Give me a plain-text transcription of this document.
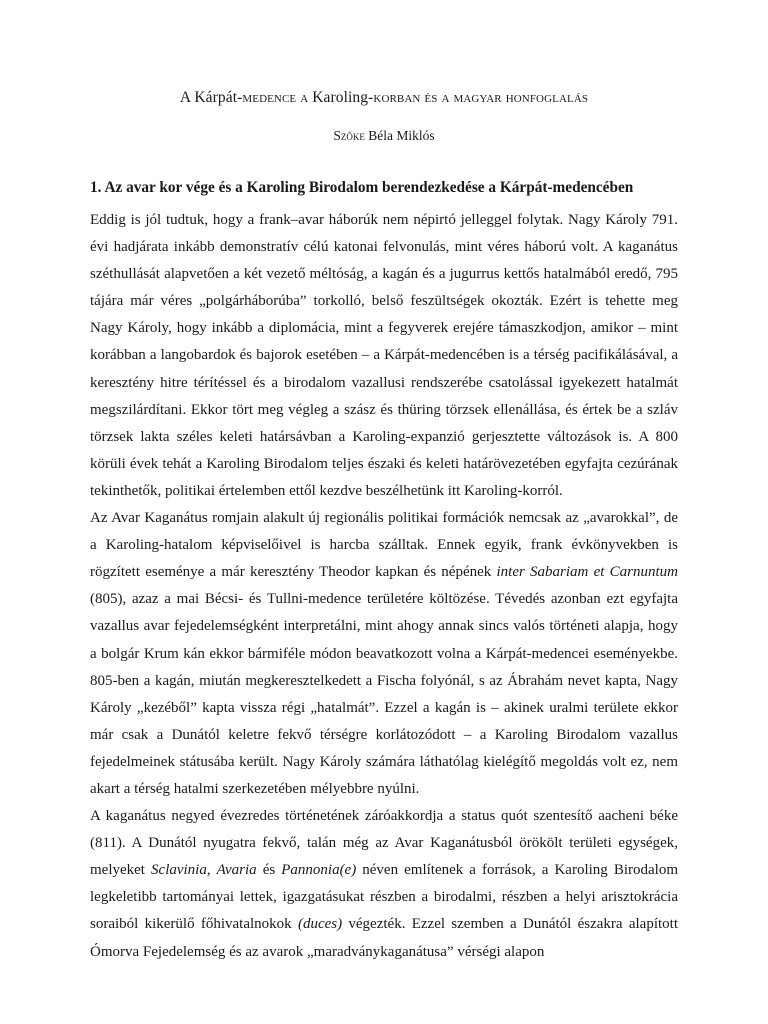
A Kárpát-medence a Karoling-korban és a magyar honfoglalás
Szőke Béla Miklós
1. Az avar kor vége és a Karoling Birodalom berendezkedése a Kárpát-medencében

Eddig is jól tudtuk, hogy a frank–avar háborúk nem népirtó jelleggel folytak. Nagy Károly 791. évi hadjárata inkább demonstratív célú katonai felvonulás, mint véres háború volt. A kaganátus széthullását alapvetően a két vezető méltóság, a kagán és a jugurrus kettős hatalmából eredő, 795 tájára már véres „polgárháborúba” torkolló, belső feszültségek okozták. Ezért is tehette meg Nagy Károly, hogy inkább a diplomácia, mint a fegyverek erejére támaszkodjon, amikor – mint korábban a langobardok és bajorok esetében – a Kárpát-medencében is a térség pacifikálásával, a keresztény hitre térítéssel és a birodalom vazallusi rendszerébe csatolással igyekezett hatalmát megszilárdítani. Ekkor tört meg végleg a szász és thüring törzsek ellenállása, és értek be a szláv törzsek lakta széles keleti határsávban a Karoling-expanzió gerjesztette változások is. A 800 körüli évek tehát a Karoling Birodalom teljes északi és keleti határövezetében egyfajta cezúrának tekinthetők, politikai értelemben ettől kezdve beszélhetünk itt Karoling-korról.

Az Avar Kaganátus romjain alakult új regionális politikai formációk nemcsak az „avarokkal”, de a Karoling-hatalom képviselőivel is harcba szálltak. Ennek egyik, frank évkönyvekben is rögzített eseménye a már keresztény Theodor kapkan és népének inter Sabariam et Carnuntum (805), azaz a mai Bécsi- és Tullni-medence területére költözése. Tévedés azonban ezt egyfajta vazallus avar fejedelemségként interpretálni, mint ahogy annak sincs valós történeti alapja, hogy a bolgár Krum kán ekkor bármiféle módon beavatkozott volna a Kárpát-medencei eseményekbe. 805-ben a kagán, miután megkeresztelkedett a Fischa folyónál, s az Ábrahám nevet kapta, Nagy Károly „kezéből” kapta vissza régi „hatalmát”. Ezzel a kagán is – akinek uralmi területe ekkor már csak a Dunától keletre fekvő térségre korlátozódott – a Karoling Birodalom vazallus fejedelmeinek státusába került. Nagy Károly számára láthatólag kielégítő megoldás volt ez, nem akart a térség hatalmi szerkezetében mélyebbre nyúlni.

A kaganátus negyed évezredes történetének záróakkordja a status quót szentesítő aacheni béke (811). A Dunától nyugatra fekvő, talán még az Avar Kaganátusból örökölt területi egységek, melyeket Sclavinia, Avaria és Pannonia(e) néven említenek a források, a Karoling Birodalom legkeletibb tartományai lettek, igazgatásukat részben a birodalmi, részben a helyi arisztokrácia soraiból kikerülő főhivatalnokok (duces) végezték. Ezzel szemben a Dunától északra alapított Ómorva Fejedelemség és az avarok „maradványkaganátusa” vérségi alapon
